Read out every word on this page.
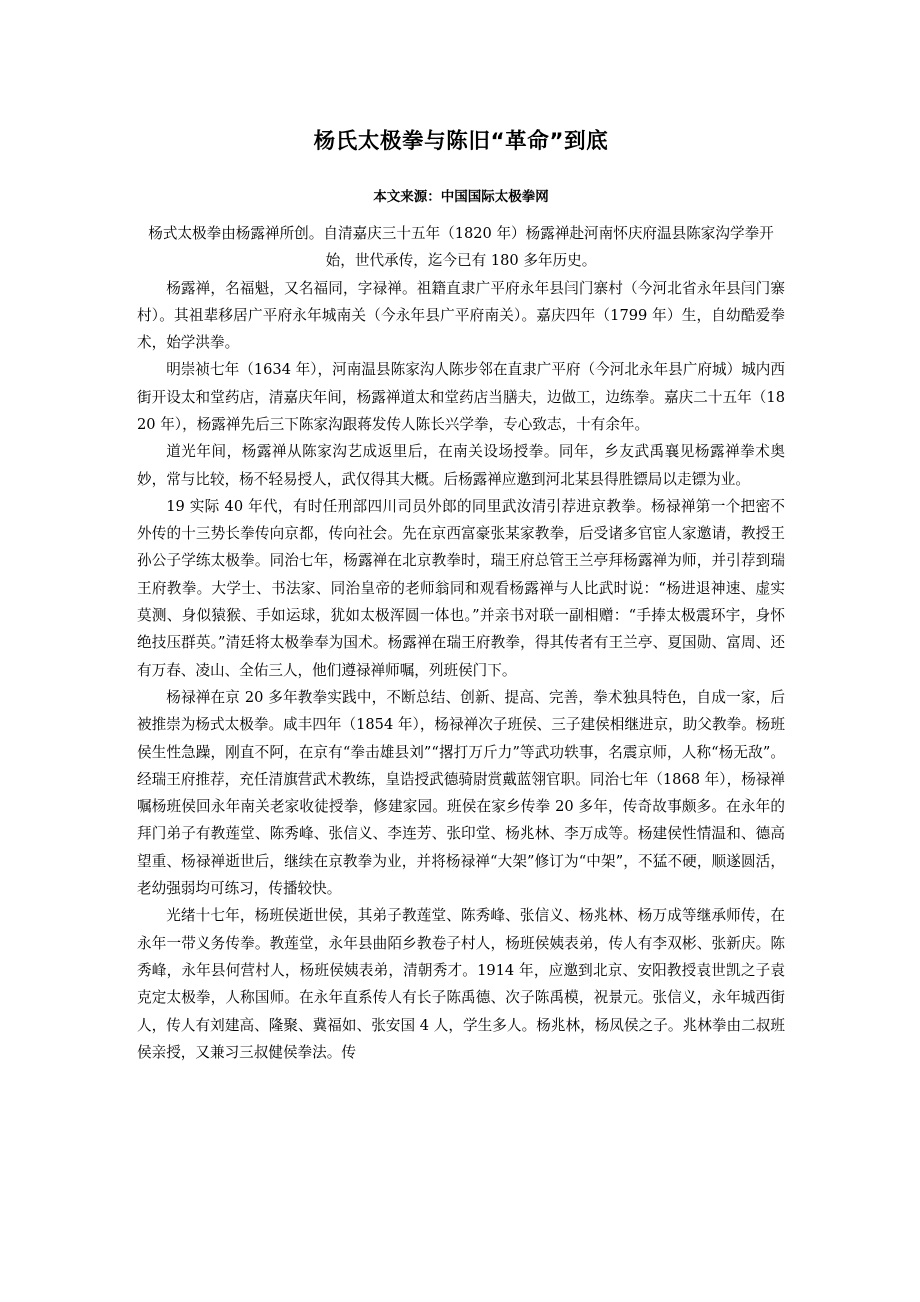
杨氏太极拳与陈旧“革命”到底
本文来源：中国国际太极拳网

杨式太极拳由杨露禅所创。自清嘉庆三十五年（1820 年）杨露禅赴河南怀庆府温县陈家沟学拳开始，世代承传，迄今已有 180 多年历史。

杨露禅，名福魁，又名福同，字禄禅。祖籍直隶广平府永年县闫门寨村（今河北省永年县闫门寨村）。其祖辈移居广平府永年城南关（今永年县广平府南关）。嘉庆四年（1799 年）生，自幼酷爱拳术，始学洪拳。

明崇祯七年（1634 年），河南温县陈家沟人陈步邻在直隶广平府（今河北永年县广府城）城内西街开设太和堂药店，清嘉庆年间，杨露禅道太和堂药店当膳夫，边做工，边练拳。嘉庆二十五年（1820 年），杨露禅先后三下陈家沟跟蒋发传人陈长兴学拳，专心致志，十有余年。

道光年间，杨露禅从陈家沟艺成返里后，在南关设场授拳。同年，乡友武禹襄见杨露禅拳术奥妙，常与比较，杨不轻易授人，武仅得其大概。后杨露禅应邀到河北某县得胜镖局以走镖为业。

19 实际 40 年代，有时任刑部四川司员外郎的同里武汝清引荐进京教拳。杨禄禅第一个把密不外传的十三势长拳传向京都，传向社会。先在京西富豪张某家教拳，后受诸多官宦人家邀请，教授王孙公子学练太极拳。同治七年，杨露禅在北京教拳时，瑞王府总管王兰亭拜杨露禅为师，并引荐到瑞王府教拳。大学士、书法家、同治皇帝的老师翁同和观看杨露禅与人比武时说：“杨进退神速、虚实莫测、身似猿猴、手如运球，犹如太极浑圆一体也。”并亲书对联一副相赠：“手捧太极震环宇，身怀绝技压群英。”清廷将太极拳奉为国术。杨露禅在瑞王府教拳，得其传者有王兰亭、夏国勋、富周、还有万春、凌山、全佑三人，他们遵禄禅师嘱，列班侯门下。

杨禄禅在京 20 多年教拳实践中，不断总结、创新、提高、完善，拳术独具特色，自成一家，后被推崇为杨式太极拳。咸丰四年（1854 年），杨禄禅次子班侯、三子建侯相继进京，助父教拳。杨班侯生性急躁，刚直不阿，在京有“拳击雄县刘”“撂打万斤力”等武功轶事，名震京师，人称“杨无敌”。经瑞王府推荐，充任清旗营武术教练，皇诰授武德骑尉赏戴蓝翎官职。同治七年（1868 年），杨禄禅嘱杨班侯回永年南关老家收徒授拳，修建家园。班侯在家乡传拳 20 多年，传奇故事颇多。在永年的拜门弟子有教莲堂、陈秀峰、张信义、李连芳、张印堂、杨兆林、李万成等。杨建侯性情温和、德高望重、杨禄禅逝世后，继续在京教拳为业，并将杨禄禅“大架”修订为“中架”，不猛不硬，顺遂圆活，老幼强弱均可练习，传播较快。

光绪十七年，杨班侯逝世侯，其弟子教莲堂、陈秀峰、张信义、杨兆林、杨万成等继承师传，在永年一带义务传拳。教莲堂，永年县曲陌乡教卷子村人，杨班侯姨表弟，传人有李双彬、张新庆。陈秀峰，永年县何营村人，杨班侯姨表弟，清朝秀才。1914 年，应邀到北京、安阳教授袁世凯之子袁克定太极拳，人称国师。在永年直系传人有长子陈禹德、次子陈禹模，祝景元。张信义，永年城西街人，传人有刘建高、隆聚、冀福如、张安国 4 人，学生多人。杨兆林，杨凤侯之子。兆林拳由二叔班侯亲授，又兼习三叔健侯拳法。传
